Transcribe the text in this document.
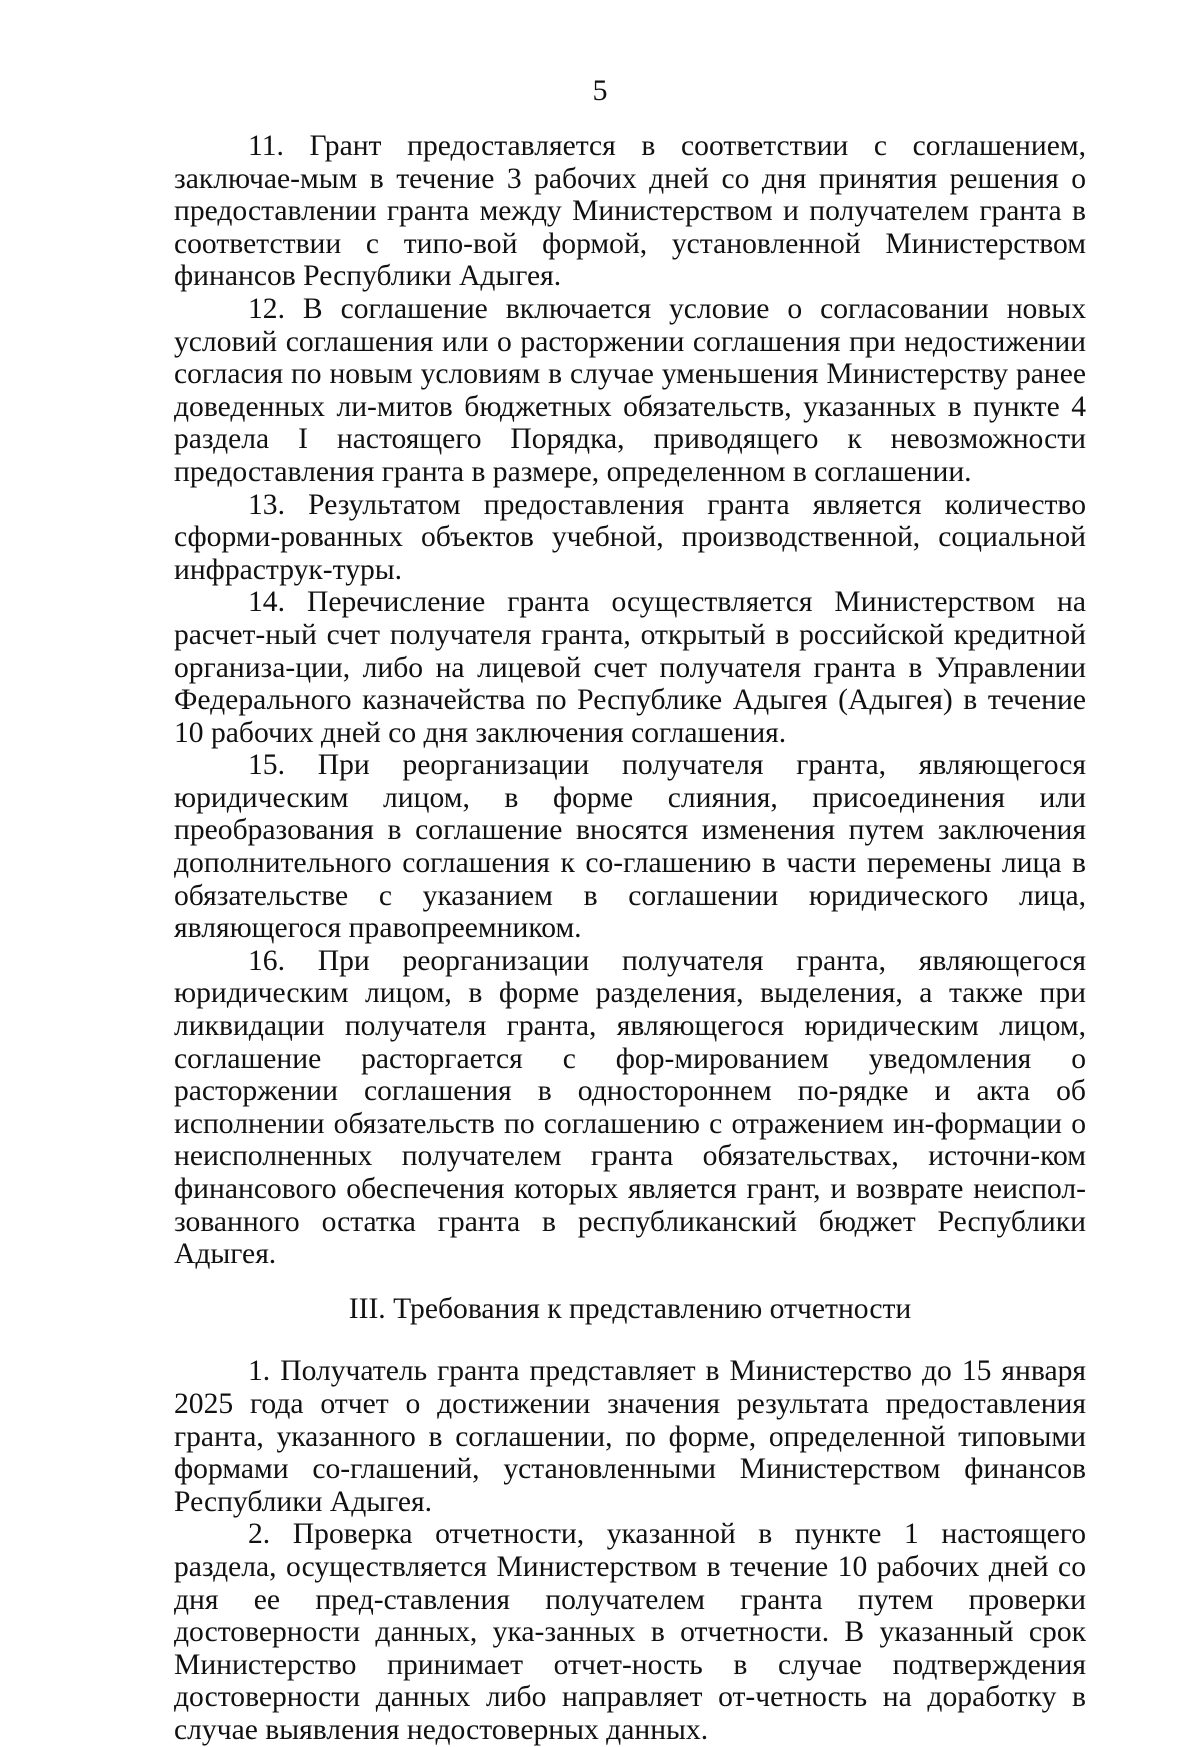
5

11. Грант предоставляется в соответствии с соглашением, заключае-мым в течение 3 рабочих дней со дня принятия решения о предоставлении гранта между Министерством и получателем гранта в соответствии с типо-вой формой, установленной Министерством финансов Республики Адыгея.

12. В соглашение включается условие о согласовании новых условий соглашения или о расторжении соглашения при недостижении согласия по новым условиям в случае уменьшения Министерству ранее доведенных ли-митов бюджетных обязательств, указанных в пункте 4 раздела I настоящего Порядка, приводящего к невозможности предоставления гранта в размере, определенном в соглашении.

13. Результатом предоставления гранта является количество сформи-рованных объектов учебной, производственной, социальной инфраструк-туры.

14. Перечисление гранта осуществляется Министерством на расчет-ный счет получателя гранта, открытый в российской кредитной организа-ции, либо на лицевой счет получателя гранта в Управлении Федерального казначейства по Республике Адыгея (Адыгея) в течение 10 рабочих дней со дня заключения соглашения.

15. При реорганизации получателя гранта, являющегося юридическим лицом, в форме слияния, присоединения или преобразования в соглашение вносятся изменения путем заключения дополнительного соглашения к со-глашению в части перемены лица в обязательстве с указанием в соглашении юридического лица, являющегося правопреемником.

16. При реорганизации получателя гранта, являющегося юридическим лицом, в форме разделения, выделения, а также при ликвидации получателя гранта, являющегося юридическим лицом, соглашение расторгается с фор-мированием уведомления о расторжении соглашения в одностороннем по-рядке и акта об исполнении обязательств по соглашению с отражением ин-формации о неисполненных получателем гранта обязательствах, источни-ком финансового обеспечения которых является грант, и возврате неиспол-зованного остатка гранта в республиканский бюджет Республики Адыгея.

III. Требования к представлению отчетности

1. Получатель гранта представляет в Министерство до 15 января 2025 года отчет о достижении значения результата предоставления гранта, указанного в соглашении, по форме, определенной типовыми формами со-глашений, установленными Министерством финансов Республики Адыгея.

2. Проверка отчетности, указанной в пункте 1 настоящего раздела, осуществляется Министерством в течение 10 рабочих дней со дня ее пред-ставления получателем гранта путем проверки достоверности данных, ука-занных в отчетности. В указанный срок Министерство принимает отчет-ность в случае подтверждения достоверности данных либо направляет от-четность на доработку в случае выявления недостоверных данных.
